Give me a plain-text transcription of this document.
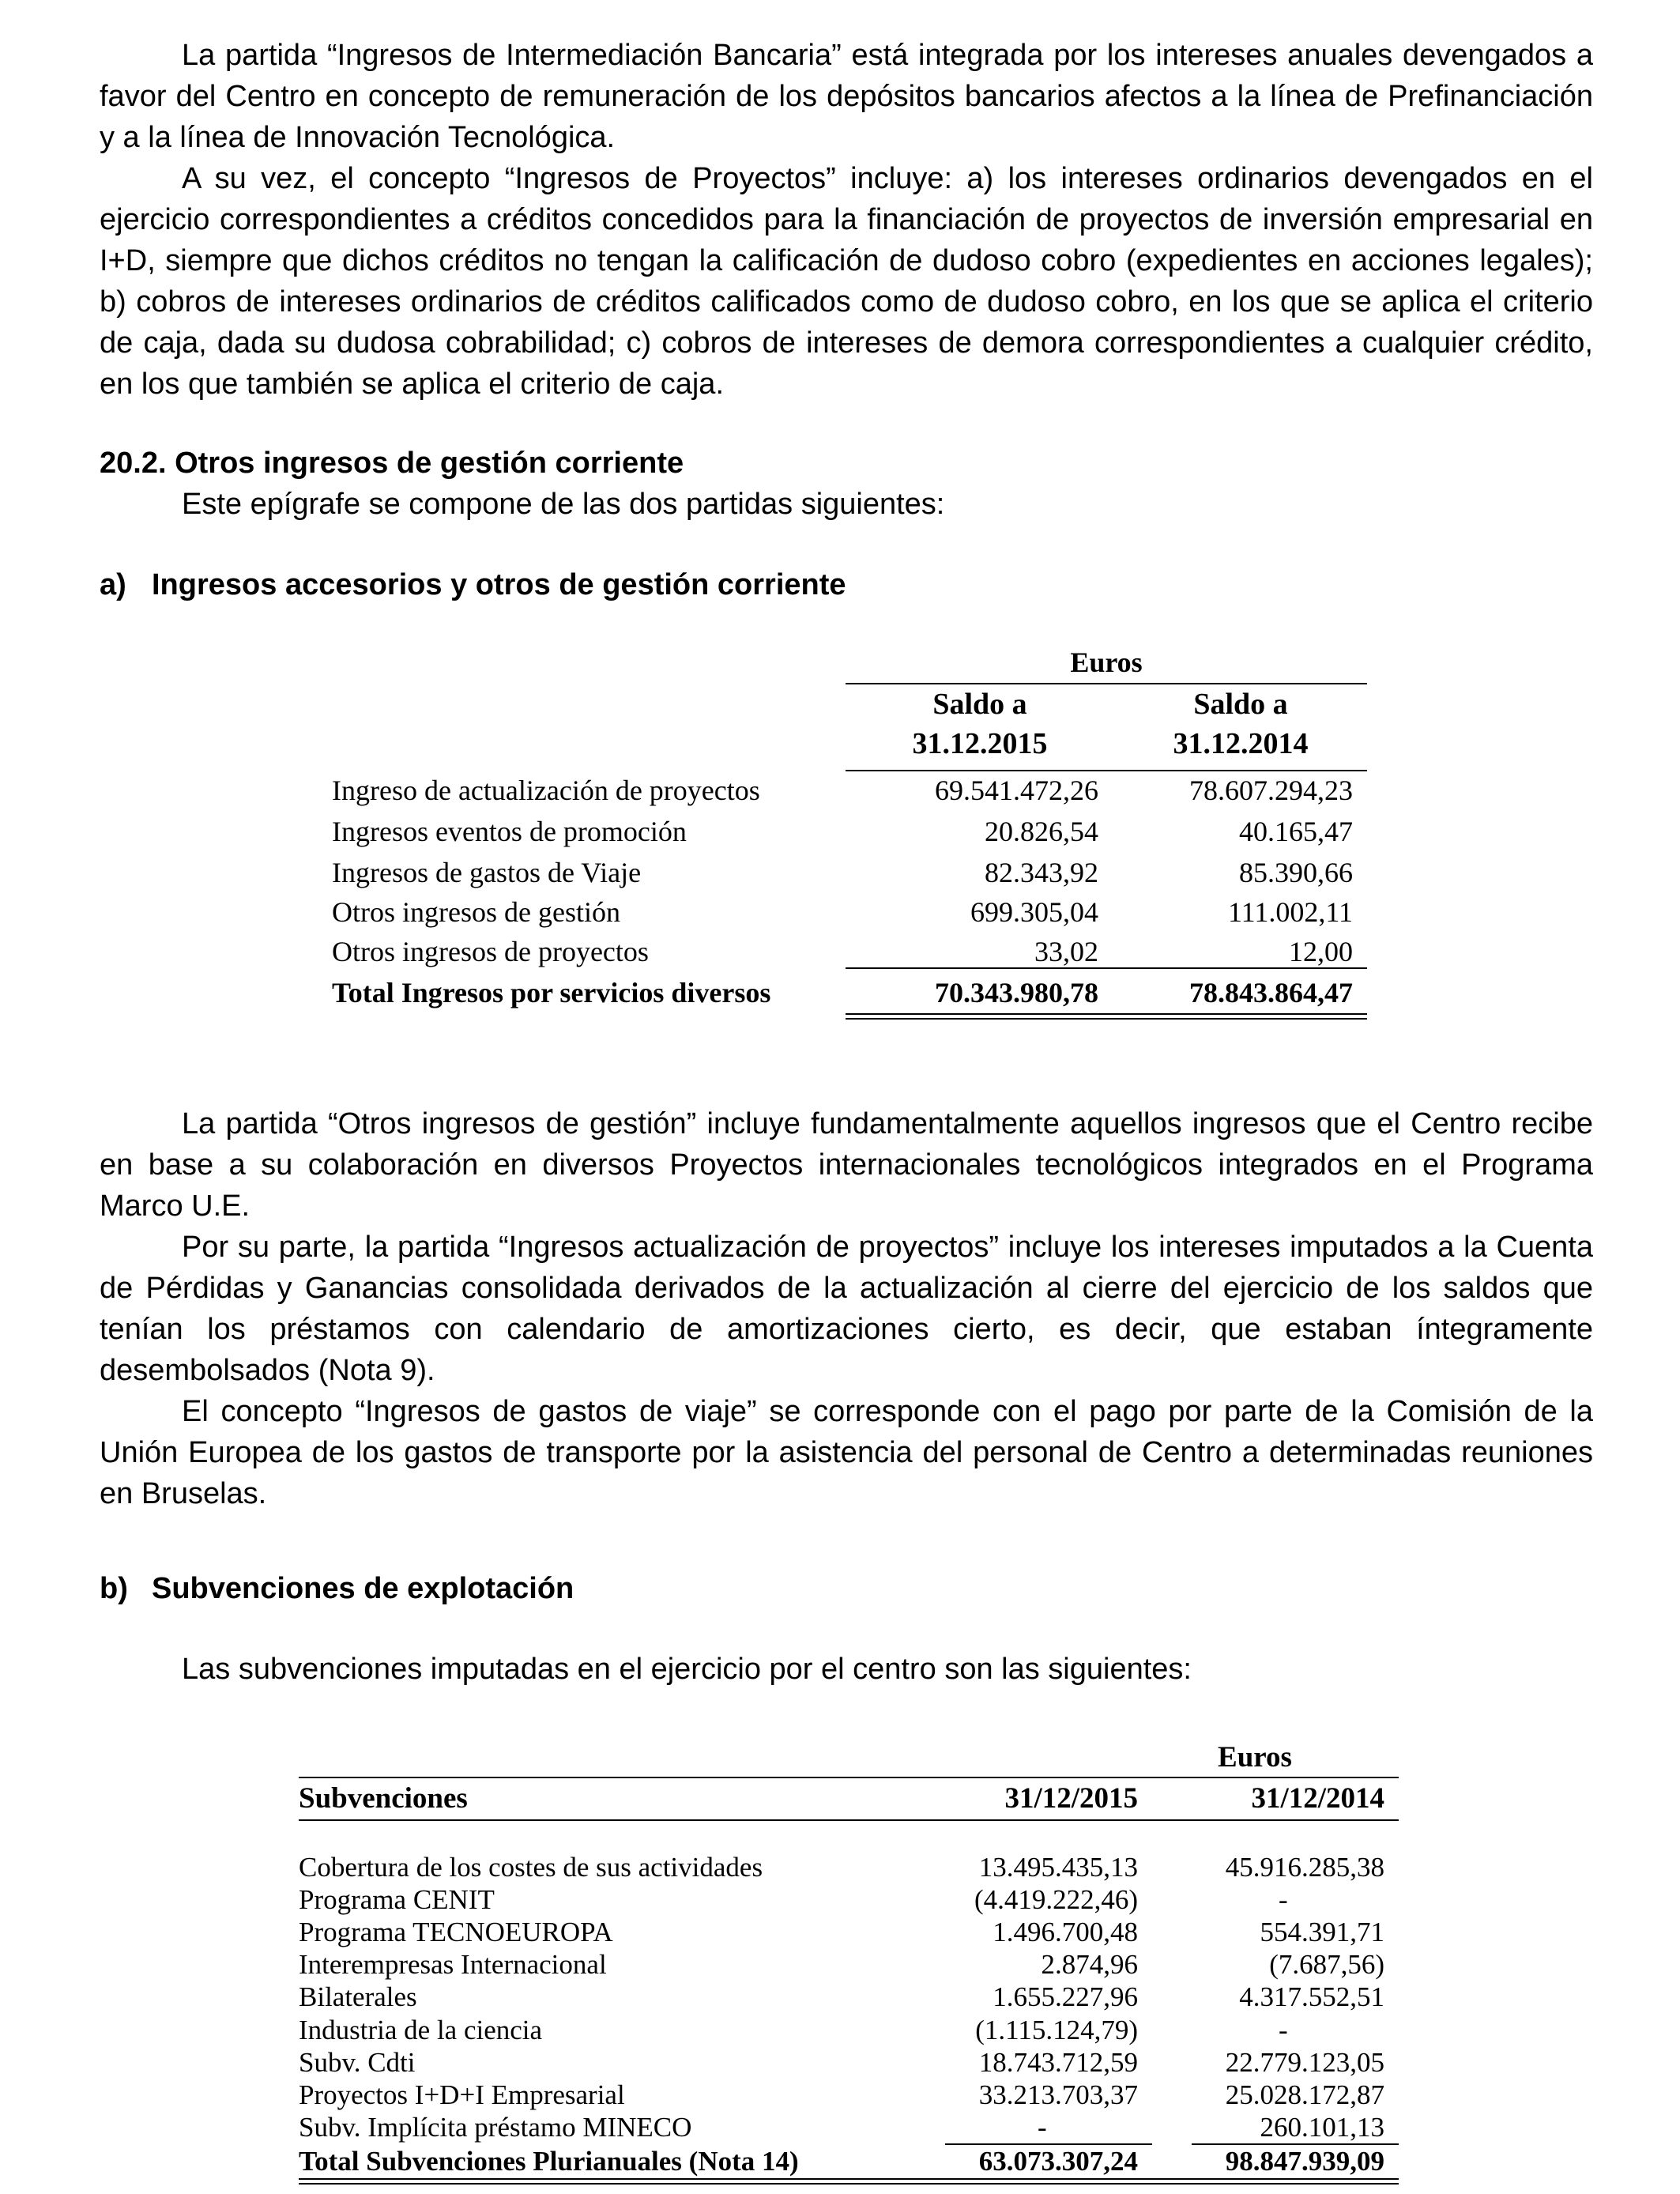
La partida “Ingresos de Intermediación Bancaria” está integrada por los intereses anuales devengados a favor del Centro en concepto de remuneración de los depósitos bancarios afectos a la línea de Prefinanciación y a la línea de Innovación Tecnológica.

A su vez, el concepto “Ingresos de Proyectos” incluye: a) los intereses ordinarios devengados en el ejercicio correspondientes a créditos concedidos para la financiación de proyectos de inversión empresarial en I+D, siempre que dichos créditos no tengan la calificación de dudoso cobro (expedientes en acciones legales); b) cobros de intereses ordinarios de créditos calificados como de dudoso cobro, en los que se aplica el criterio de caja, dada su dudosa cobrabilidad; c) cobros de intereses de demora correspondientes a cualquier crédito, en los que también se aplica el criterio de caja.

20.2. Otros ingresos de gestión corriente

Este epígrafe se compone de las dos partidas siguientes:

a) Ingresos accesorios y otros de gestión corriente

Euros
Saldo a
31.12.2015
Saldo a
31.12.2014
Ingreso de actualización de proyectos	69.541.472,26	78.607.294,23
Ingresos eventos de promoción	20.826,54	40.165,47
Ingresos de gastos de Viaje	82.343,92	85.390,66
Otros ingresos de gestión	699.305,04	111.002,11
Otros ingresos de proyectos	33,02	12,00
Total Ingresos por servicios diversos	70.343.980,78	78.843.864,47

La partida “Otros ingresos de gestión” incluye fundamentalmente aquellos ingresos que el Centro recibe en base a su colaboración en diversos Proyectos internacionales tecnológicos integrados en el Programa Marco U.E.

Por su parte, la partida “Ingresos actualización de proyectos” incluye los intereses imputados a la Cuenta de Pérdidas y Ganancias consolidada derivados de la actualización al cierre del ejercicio de los saldos que tenían los préstamos con calendario de amortizaciones cierto, es decir, que estaban íntegramente desembolsados (Nota 9).

El concepto “Ingresos de gastos de viaje” se corresponde con el pago por parte de la Comisión de la Unión Europea de los gastos de transporte por la asistencia del personal de Centro a determinadas reuniones en Bruselas.

b) Subvenciones de explotación

Las subvenciones imputadas en el ejercicio por el centro son las siguientes:

Euros
Subvenciones	31/12/2015	31/12/2014
Cobertura de los costes de sus actividades	13.495.435,13	45.916.285,38
Programa CENIT	(4.419.222,46)	-
Programa TECNOEUROPA	1.496.700,48	554.391,71
Interempresas Internacional	2.874,96	(7.687,56)
Bilaterales	1.655.227,96	4.317.552,51
Industria de la ciencia	(1.115.124,79)	-
Subv. Cdti	18.743.712,59	22.779.123,05
Proyectos I+D+I Empresarial	33.213.703,37	25.028.172,87
Subv. Implícita préstamo MINECO	-	260.101,13
Total Subvenciones Plurianuales (Nota 14)	63.073.307,24	98.847.939,09
